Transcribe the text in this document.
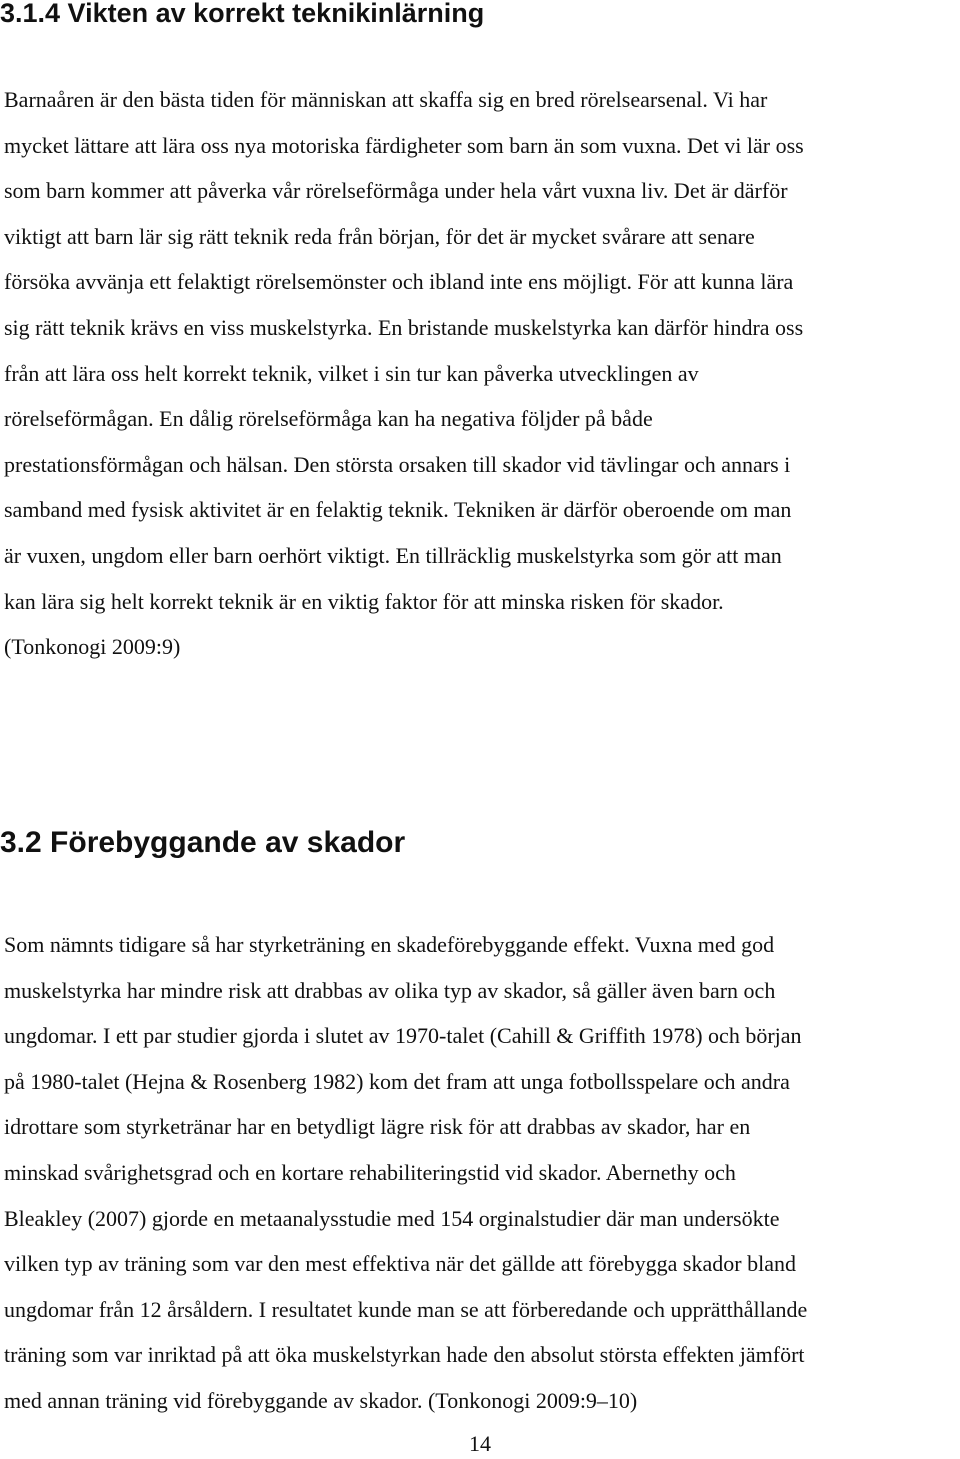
3.1.4 Vikten av korrekt teknikinlärning
Barnaåren är den bästa tiden för människan att skaffa sig en bred rörelsearsenal. Vi har
mycket lättare att lära oss nya motoriska färdigheter som barn än som vuxna. Det vi lär oss
som barn kommer att påverka vår rörelseförmåga under hela vårt vuxna liv. Det är därför
viktigt att barn lär sig rätt teknik reda från början, för det är mycket svårare att senare
försöka avvänja ett felaktigt rörelsemönster och ibland inte ens möjligt. För att kunna lära
sig rätt teknik krävs en viss muskelstyrka. En bristande muskelstyrka kan därför hindra oss
från att lära oss helt korrekt teknik, vilket i sin tur kan påverka utvecklingen av
rörelseförmågan. En dålig rörelseförmåga kan ha negativa följder på både
prestationsförmågan och hälsan. Den största orsaken till skador vid tävlingar och annars i
samband med fysisk aktivitet är en felaktig teknik. Tekniken är därför oberoende om man
är vuxen, ungdom eller barn oerhört viktigt. En tillräcklig muskelstyrka som gör att man
kan lära sig helt korrekt teknik är en viktig faktor för att minska risken för skador.
(Tonkonogi 2009:9)
3.2 Förebyggande av skador
Som nämnts tidigare så har styrketräning en skadeförebyggande effekt. Vuxna med god
muskelstyrka har mindre risk att drabbas av olika typ av skador, så gäller även barn och
ungdomar. I ett par studier gjorda i slutet av 1970-talet (Cahill & Griffith 1978) och början
på 1980-talet (Hejna & Rosenberg 1982) kom det fram att unga fotbollsspelare och andra
idrottare som styrketränar har en betydligt lägre risk för att drabbas av skador, har en
minskad svårighetsgrad och en kortare rehabiliteringstid vid skador. Abernethy och
Bleakley (2007) gjorde en metaanalysstudie med 154 orginalstudier där man undersökte
vilken typ av träning som var den mest effektiva när det gällde att förebygga skador bland
ungdomar från 12 årsåldern. I resultatet kunde man se att förberedande och upprätthållande
träning som var inriktad på att öka muskelstyrkan hade den absolut största effekten jämfört
med annan träning vid förebyggande av skador. (Tonkonogi 2009:9–10)
14
